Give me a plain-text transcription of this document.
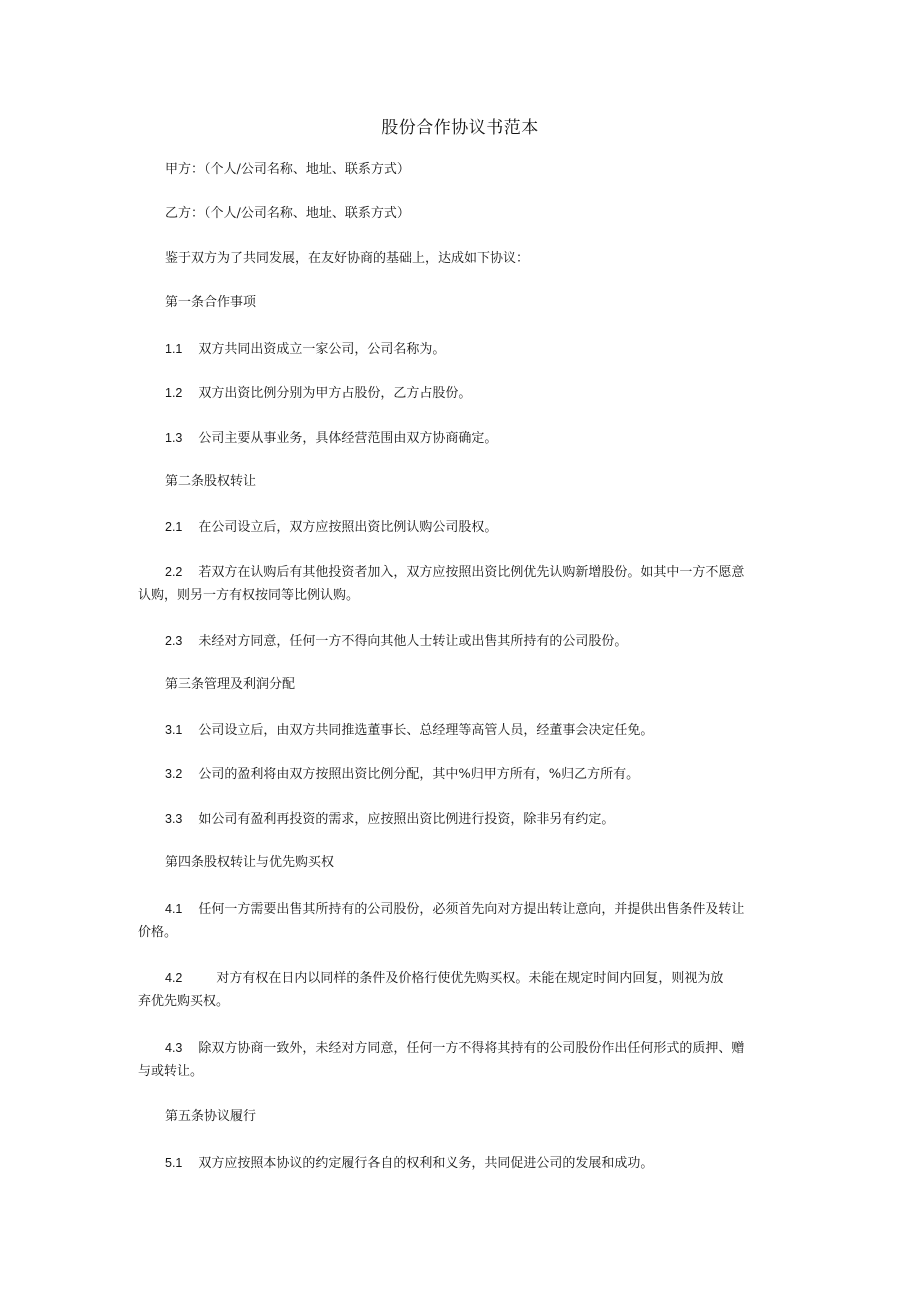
股份合作协议书范本
甲方：（个人/公司名称、地址、联系方式）
乙方：（个人/公司名称、地址、联系方式）
鉴于双方为了共同发展，在友好协商的基础上，达成如下协议：
第一条合作事项
1.1 双方共同出资成立一家公司，公司名称为。
1.2 双方出资比例分别为甲方占股份，乙方占股份。
1.3 公司主要从事业务，具体经营范围由双方协商确定。
第二条股权转让
2.1 在公司设立后，双方应按照出资比例认购公司股权。
2.2 若双方在认购后有其他投资者加入，双方应按照出资比例优先认购新增股份。如其中一方不愿意
认购，则另一方有权按同等比例认购。
2.3 未经对方同意，任何一方不得向其他人士转让或出售其所持有的公司股份。
第三条管理及利润分配
3.1 公司设立后，由双方共同推选董事长、总经理等高管人员，经董事会决定任免。
3.2 公司的盈利将由双方按照出资比例分配，其中%归甲方所有，%归乙方所有。
3.3 如公司有盈利再投资的需求，应按照出资比例进行投资，除非另有约定。
第四条股权转让与优先购买权
4.1 任何一方需要出售其所持有的公司股份，必须首先向对方提出转让意向，并提供出售条件及转让
价格。
4.2	对方有权在日内以同样的条件及价格行使优先购买权。未能在规定时间内回复，则视为放
弃优先购买权。
4.3 除双方协商一致外，未经对方同意，任何一方不得将其持有的公司股份作出任何形式的质押、赠
与或转让。
第五条协议履行
5.1 双方应按照本协议的约定履行各自的权利和义务，共同促进公司的发展和成功。
